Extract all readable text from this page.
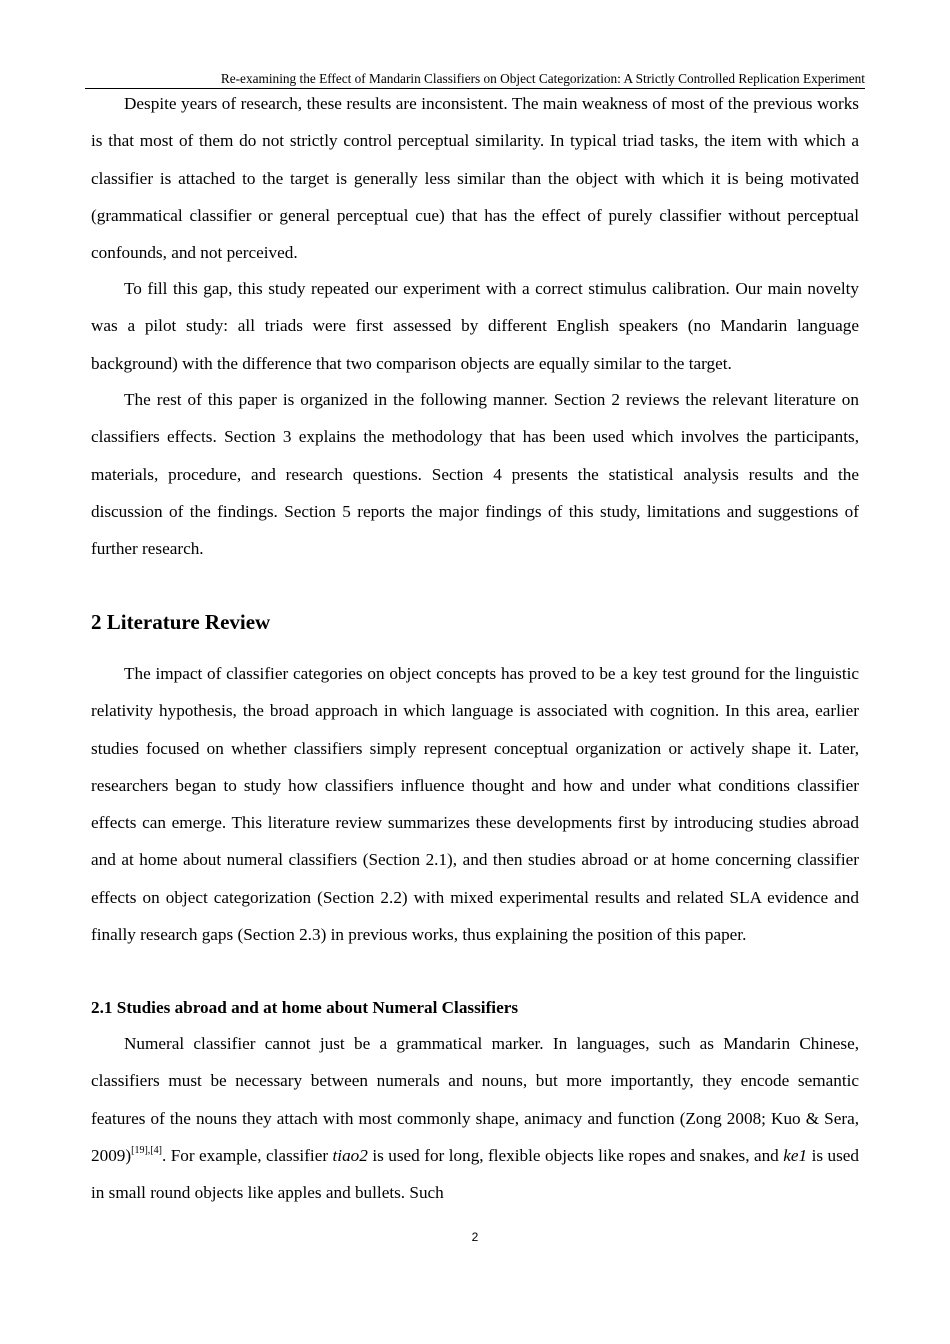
Re-examining the Effect of Mandarin Classifiers on Object Categorization: A Strictly Controlled Replication Experiment

Despite years of research, these results are inconsistent. The main weakness of most of the previous works is that most of them do not strictly control perceptual similarity. In typical triad tasks, the item with which a classifier is attached to the target is generally less similar than the object with which it is being motivated (grammatical classifier or general perceptual cue) that has the effect of purely classifier without perceptual confounds, and not perceived.

To fill this gap, this study repeated our experiment with a correct stimulus calibration. Our main novelty was a pilot study: all triads were first assessed by different English speakers (no Mandarin language background) with the difference that two comparison objects are equally similar to the target.

The rest of this paper is organized in the following manner. Section 2 reviews the relevant literature on classifiers effects. Section 3 explains the methodology that has been used which involves the participants, materials, procedure, and research questions. Section 4 presents the statistical analysis results and the discussion of the findings. Section 5 reports the major findings of this study, limitations and suggestions of further research.

2 Literature Review

The impact of classifier categories on object concepts has proved to be a key test ground for the linguistic relativity hypothesis, the broad approach in which language is associated with cognition. In this area, earlier studies focused on whether classifiers simply represent conceptual organization or actively shape it. Later, researchers began to study how classifiers influence thought and how and under what conditions classifier effects can emerge. This literature review summarizes these developments first by introducing studies abroad and at home about numeral classifiers (Section 2.1), and then studies abroad or at home concerning classifier effects on object categorization (Section 2.2) with mixed experimental results and related SLA evidence and finally research gaps (Section 2.3) in previous works, thus explaining the position of this paper.

2.1 Studies abroad and at home about Numeral Classifiers

Numeral classifier cannot just be a grammatical marker. In languages, such as Mandarin Chinese, classifiers must be necessary between numerals and nouns, but more importantly, they encode semantic features of the nouns they attach with most commonly shape, animacy and function (Zong 2008; Kuo & Sera, 2009)[19],[4]. For example, classifier tiao2 is used for long, flexible objects like ropes and snakes, and ke1 is used in small round objects like apples and bullets. Such

2
